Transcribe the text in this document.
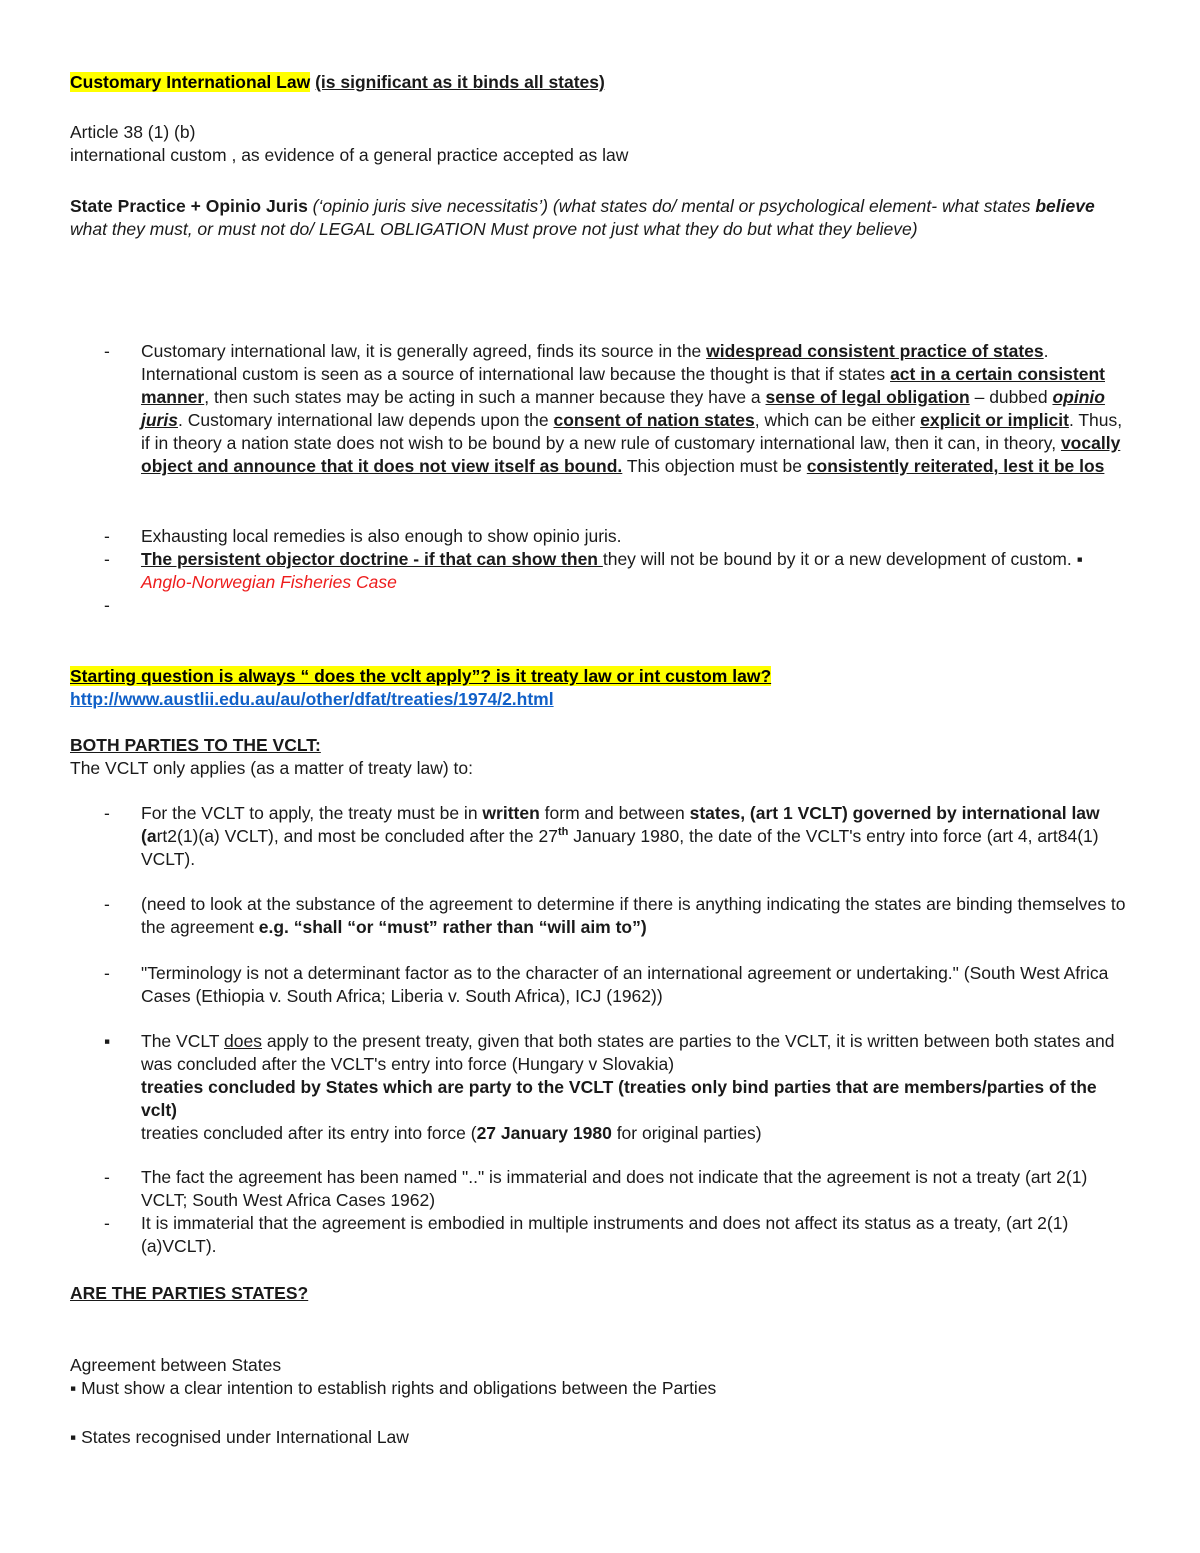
Customary International Law (is significant as it binds all states)
Article 38 (1) (b)
international custom , as evidence of a general practice accepted as law
State Practice + Opinio Juris (‘opinio juris sive necessitatis’) (what states do/ mental or psychological element- what states believe what they must, or must not do/ LEGAL OBLIGATION Must prove not just what they do but what they believe)
-	Customary international law, it is generally agreed, finds its source in the widespread consistent practice of states. International custom is seen as a source of international law because the thought is that if states act in a certain consistent manner, then such states may be acting in such a manner because they have a sense of legal obligation – dubbed opinio juris. Customary international law depends upon the consent of nation states, which can be either explicit or implicit. Thus, if in theory a nation state does not wish to be bound by a new rule of customary international law, then it can, in theory, vocally object and announce that it does not view itself as bound. This objection must be consistently reiterated, lest it be los
-	Exhausting local remedies is also enough to show opinio juris.
-	The persistent objector doctrine - if that can show then they will not be bound by it or a new development of custom. ▪ Anglo-Norwegian Fisheries Case
-
Starting question is always “ does the vclt apply”? is it treaty law or int custom law?
http://www.austlii.edu.au/au/other/dfat/treaties/1974/2.html
BOTH PARTIES TO THE VCLT:
The VCLT only applies (as a matter of treaty law) to:
-	For the VCLT to apply, the treaty must be in written form and between states, (art 1 VCLT) governed by international law (art2(1)(a) VCLT), and most be concluded after the 27th January 1980, the date of the VCLT's entry into force (art 4, art84(1) VCLT).
-	(need to look at the substance of the agreement to determine if there is anything indicating the states are binding themselves to the agreement e.g. “shall “or “must” rather than “will aim to”)
-	"Terminology is not a determinant factor as to the character of an international agreement or undertaking." (South West Africa Cases (Ethiopia v. South Africa; Liberia v. South Africa), ICJ (1962))
▪	The VCLT does apply to the present treaty, given that both states are parties to the VCLT, it is written between both states and was concluded after the VCLT's entry into force (Hungary v Slovakia)
treaties concluded by States which are party to the VCLT (treaties only bind parties that are members/parties of the vclt)
treaties concluded after its entry into force (27 January 1980 for original parties)
-	The fact the agreement has been named ".." is immaterial and does not indicate that the agreement is not a treaty (art 2(1) VCLT; South West Africa Cases 1962)
-	It is immaterial that the agreement is embodied in multiple instruments and does not affect its status as a treaty, (art 2(1)(a)VCLT).
ARE THE PARTIES STATES?
Agreement between States
▪ Must show a clear intention to establish rights and obligations between the Parties
▪ States recognised under International Law
